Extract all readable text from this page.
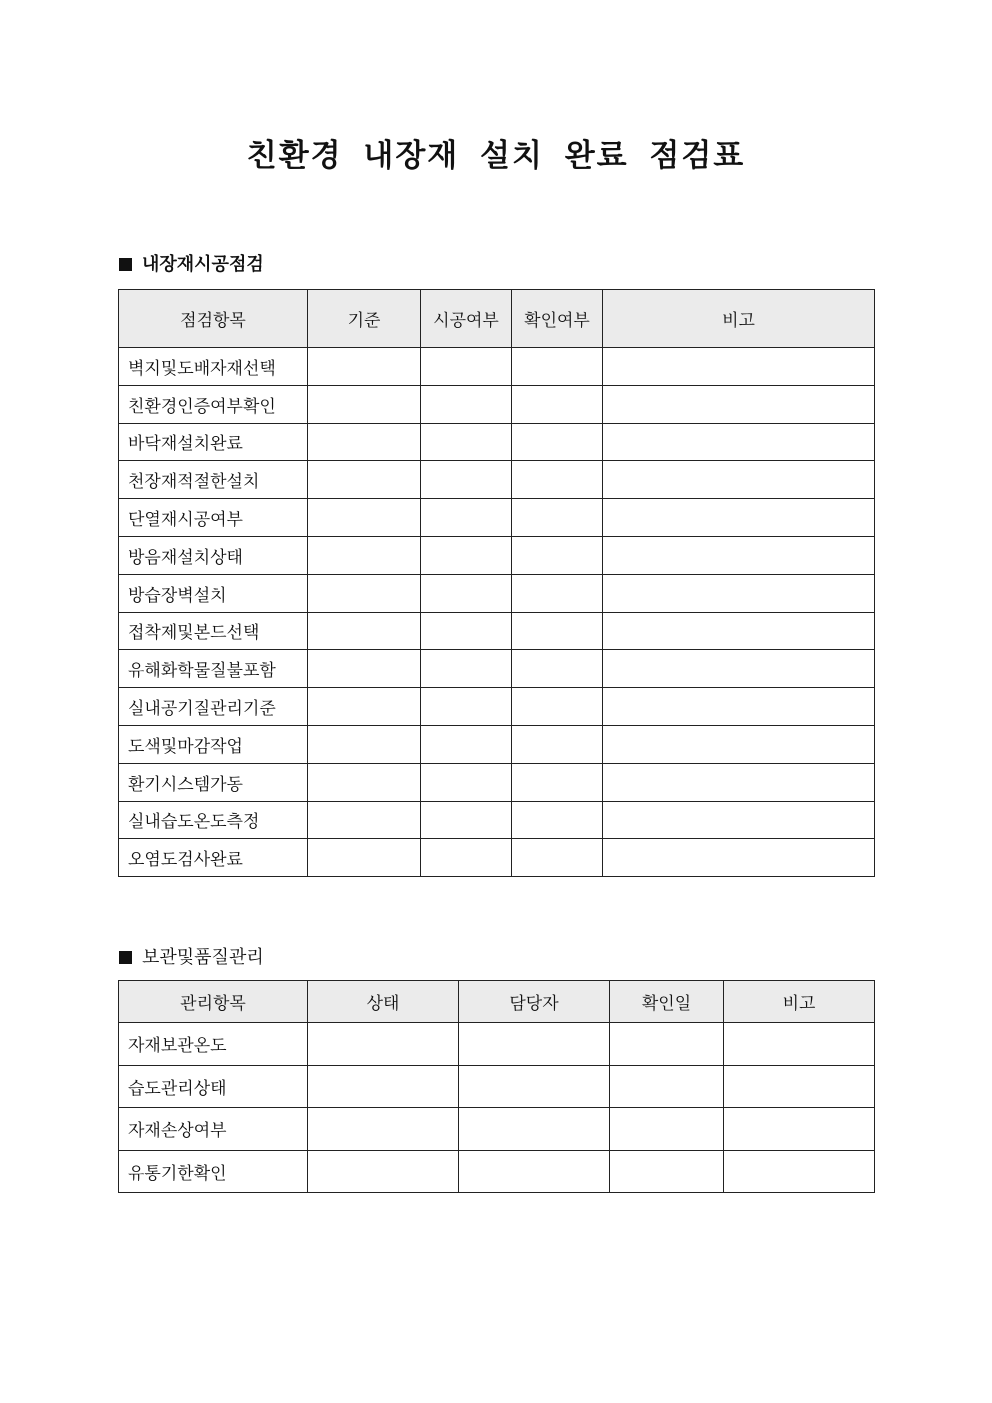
친환경 내장재 설치 완료 점검표
내장재시공점검
점검항목	기준	시공여부	확인여부	비고
벽지및도배자재선택				
친환경인증여부확인				
바닥재설치완료				
천장재적절한설치				
단열재시공여부				
방음재설치상태				
방습장벽설치				
접착제및본드선택				
유해화학물질불포함				
실내공기질관리기준				
도색및마감작업				
환기시스템가동				
실내습도온도측정				
오염도검사완료				
보관및품질관리
관리항목	상태	담당자	확인일	비고
자재보관온도				
습도관리상태				
자재손상여부				
유통기한확인				
